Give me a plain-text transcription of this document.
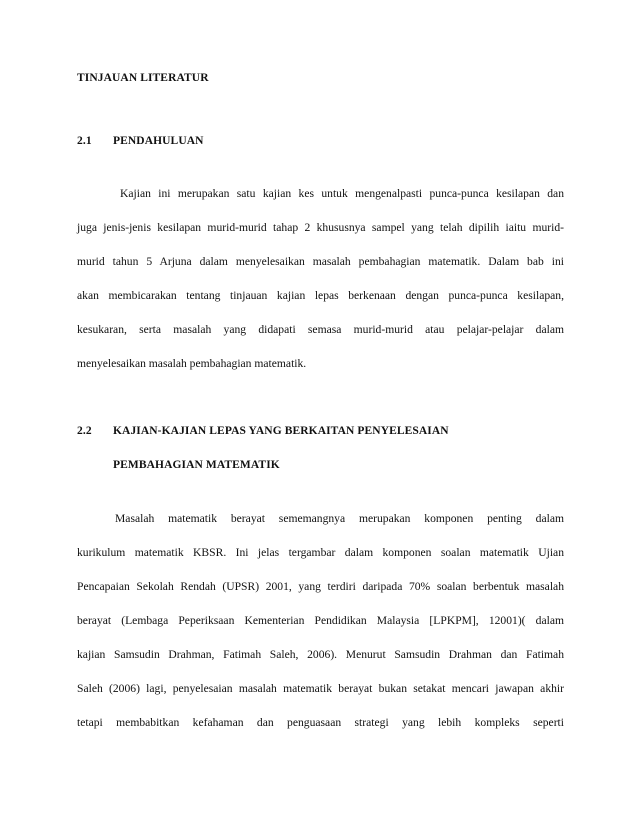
TINJAUAN LITERATUR
2.1 PENDAHULUAN
Kajian ini merupakan satu kajian kes untuk mengenalpasti punca-punca kesilapan dan
juga jenis-jenis kesilapan murid-murid tahap 2 khususnya sampel yang telah dipilih iaitu murid-
murid tahun 5 Arjuna dalam menyelesaikan masalah pembahagian matematik. Dalam bab ini
akan membicarakan tentang tinjauan kajian lepas berkenaan dengan punca-punca kesilapan,
kesukaran, serta masalah yang didapati semasa murid-murid atau pelajar-pelajar dalam
menyelesaikan masalah pembahagian matematik.
2.2 KAJIAN-KAJIAN LEPAS YANG BERKAITAN PENYELESAIAN
PEMBAHAGIAN MATEMATIK
Masalah matematik berayat sememangnya merupakan komponen penting dalam
kurikulum matematik KBSR. Ini jelas tergambar dalam komponen soalan matematik Ujian
Pencapaian Sekolah Rendah (UPSR) 2001, yang terdiri daripada 70% soalan berbentuk masalah
berayat (Lembaga Peperiksaan Kementerian Pendidikan Malaysia [LPKPM], 12001)( dalam
kajian Samsudin Drahman, Fatimah Saleh, 2006). Menurut Samsudin Drahman dan Fatimah
Saleh (2006) lagi, penyelesaian masalah matematik berayat bukan setakat mencari jawapan akhir
tetapi membabitkan kefahaman dan penguasaan strategi yang lebih kompleks seperti
